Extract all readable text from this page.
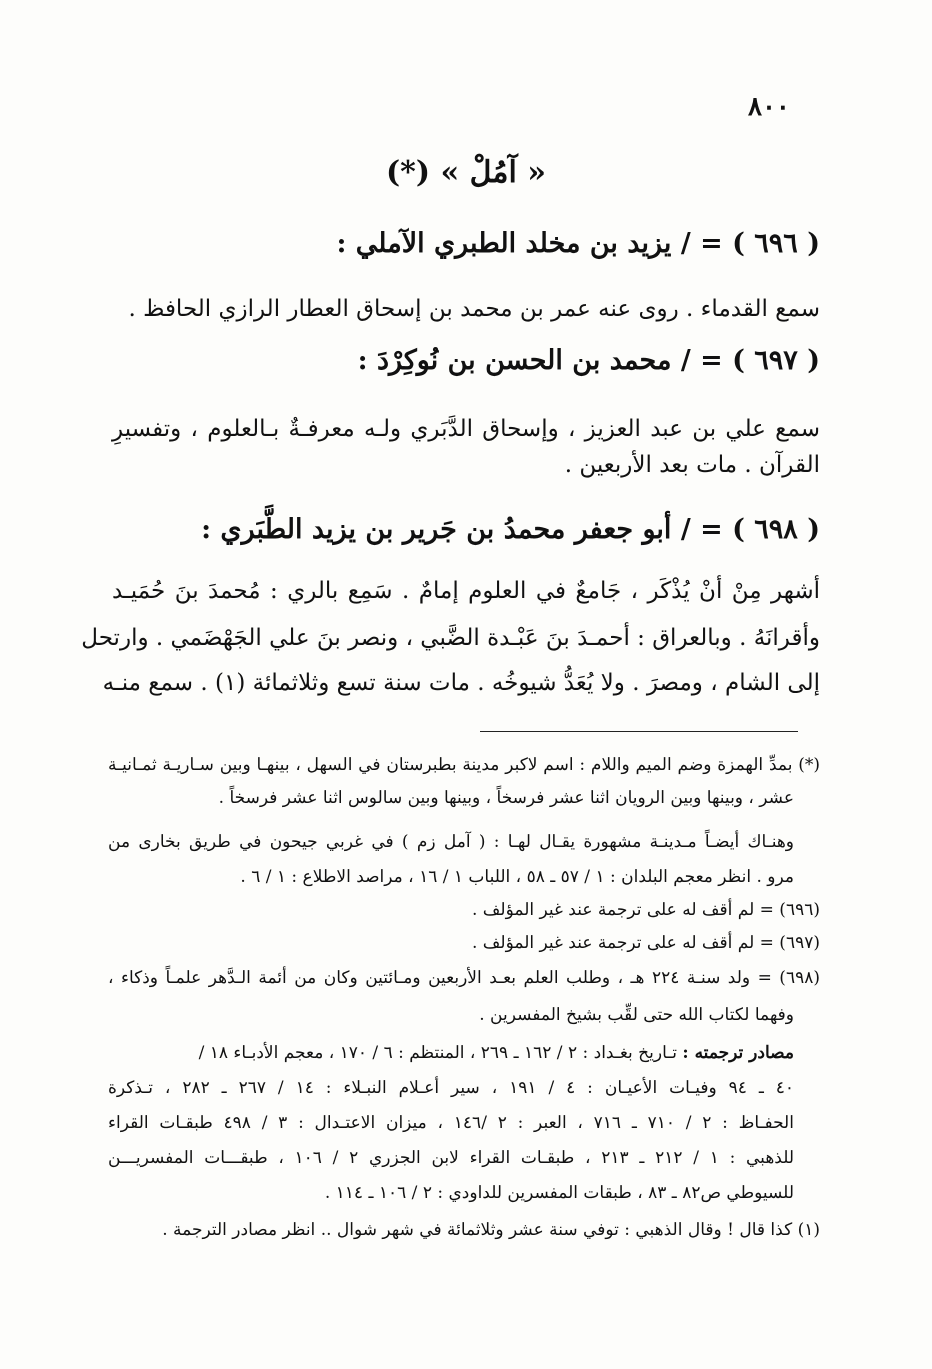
٨٠٠
« آمُلْ » (*)
( ٦٩٦ ) = / يزيد بن مخلد الطبري الآملي :
سمع القدماء . روى عنه عمر بن محمد بن إسحاق العطار الرازي الحافظ .
( ٦٩٧ ) = / محمد بن الحسن بن نُوكِرْدَ :
سمع علي بن عبد العزيز ، وإسحاق الدَّبَري ولـه معرفـةٌ بـالعلوم ، وتفسيرِ
القرآن . مات بعد الأربعين .
( ٦٩٨ ) = / أبو جعفر محمدُ بن جَرير بن يزيد الطَّبَري :
أشهر مِنْ أنْ يُذْكَر ، جَامعٌ في العلوم إمامٌ . سَمِع بالري : مُحمدَ بنَ حُمَيـد
وأقرانَهُ . وبالعراق : أحمـدَ بنَ عَبْـدة الضَّبي ، ونصر بنَ علي الجَهْضَمي . وارتحل
إلى الشام ، ومصرَ . ولا يُعَدُّ شيوخُه . مات سنة تسع وثلاثمائة (١) . سمع منـه
(*) بمدِّ الهمزة وضم الميم واللام : اسم لاكبر مدينة بطبرستان في السهل ، بينهـا وبين سـاريـة ثمـانيـة
عشر ، وبينها وبين الرويان اثنا عشر فرسخاً ، وبينها وبين سالوس اثنا عشر فرسخاً .
وهنـاك أيضـاً مـدينـة مشهورة يقـال لهـا : ( آمل زم ) في غربي جيحون في طريق بخارى من
مرو . انظر معجم البلدان : ١ / ٥٧ ـ ٥٨ ، اللباب ١ / ١٦ ، مراصد الاطلاع : ١ / ٦ .
(٦٩٦) = لم أقف له على ترجمة عند غير المؤلف .
(٦٩٧) = لم أقف له على ترجمة عند غير المؤلف .
(٦٩٨) = ولد سنـة ٢٢٤ هـ ، وطلب العلم بعـد الأربعين ومـائتين وكان من أئمة الـدَّهر علمـاً وذكاء ،
وفهما لكتاب الله حتى لقِّب بشيخ المفسرين .
مصادر ترجمته : تـاريخ بغـداد : ٢ / ١٦٢ ـ ٢٦٩ ، المنتظم : ٦ / ١٧٠ ، معجم الأدبـاء ١٨ /
٤٠ ـ ٩٤ وفيـات الأعيـان : ٤ / ١٩١ ، سير أعـلام النبـلاء : ١٤ / ٢٦٧ ـ ٢٨٢ ، تـذكرة
الحفـاظ : ٢ / ٧١٠ ـ ٧١٦ ، العبر : ٢ /١٤٦ ، ميزان الاعتـدال : ٣ / ٤٩٨ طبقـات القراء
للذهبي : ١ / ٢١٢ ـ ٢١٣ ، طبقـات القراء لابن الجزري ٢ / ١٠٦ ، طبقـــات المفسريـــن
للسيوطي ص٨٢ ـ ٨٣ ، طبقات المفسرين للداودي : ٢ / ١٠٦ ـ ١١٤ .
(١) كذا قال ! وقال الذهبي : توفي سنة عشر وثلاثمائة في شهر شوال .. انظر مصادر الترجمة .
